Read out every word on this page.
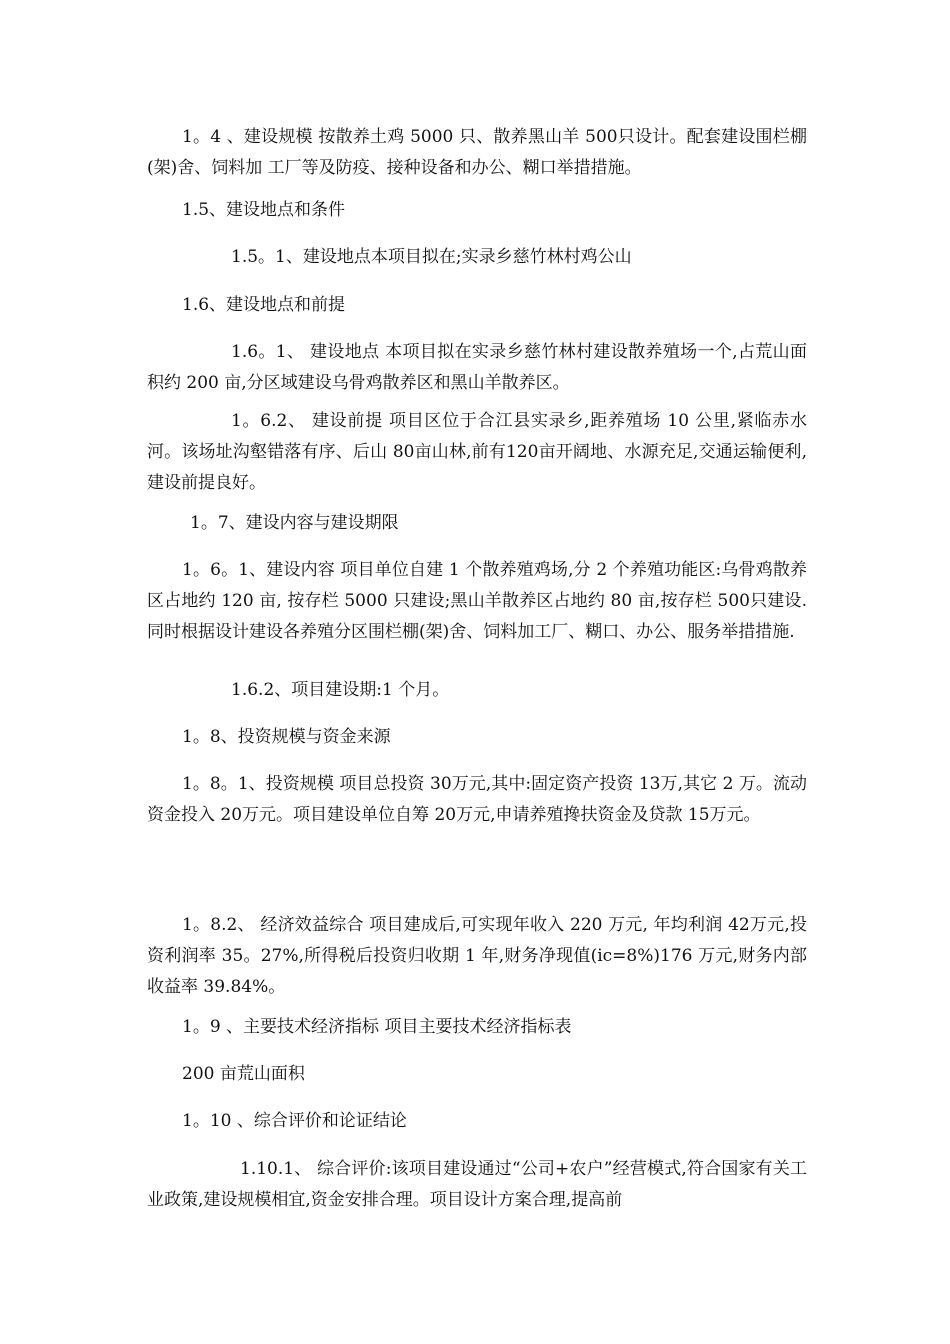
1。4 、建设规模 按散养土鸡 5000 只、散养黑山羊 500只设计。配套建设围栏棚(架)舍、饲料加 工厂等及防疫、接种设备和办公、糊口举措措施。

1.5、建设地点和条件

1.5。1、建设地点本项目拟在;实录乡慈竹林村鸡公山

1.6、建设地点和前提

1.6。1、 建设地点 本项目拟在实录乡慈竹林村建设散养殖场一个,占荒山面积约 200 亩,分区域建设乌骨鸡散养区和黑山羊散养区。

1。6.2、 建设前提 项目区位于合江县实录乡,距养殖场 10 公里,紧临赤水河。该场址沟壑错落有序、后山 80亩山林,前有120亩开阔地、水源充足,交通运输便利,建设前提良好。

1。7、建设内容与建设期限

1。6。1、建设内容 项目单位自建 1 个散养殖鸡场,分 2 个养殖功能区:乌骨鸡散养区占地约 120 亩, 按存栏 5000 只建设;黑山羊散养区占地约 80 亩,按存栏 500只建设.同时根据设计建设各养殖分区围栏棚(架)舍、饲料加工厂、糊口、办公、服务举措措施.

1.6.2、项目建设期:1 个月。

1。8、投资规模与资金来源

1。8。1、投资规模 项目总投资 30万元,其中:固定资产投资 13万,其它 2 万。流动资金投入 20万元。项目建设单位自筹 20万元,申请养殖搀扶资金及贷款 15万元。

1。8.2、 经济效益综合 项目建成后,可实现年收入 220 万元, 年均利润 42万元,投资利润率 35。27%,所得税后投资归收期 1 年,财务净现值(ic=8%)176 万元,财务内部收益率 39.84%。

1。9 、主要技术经济指标 项目主要技术经济指标表

200 亩荒山面积

1。10 、综合评价和论证结论

1.10.1、 综合评价:该项目建设通过“公司+农户”经营模式,符合国家有关工业政策,建设规模相宜,资金安排合理。项目设计方案合理,提高前
